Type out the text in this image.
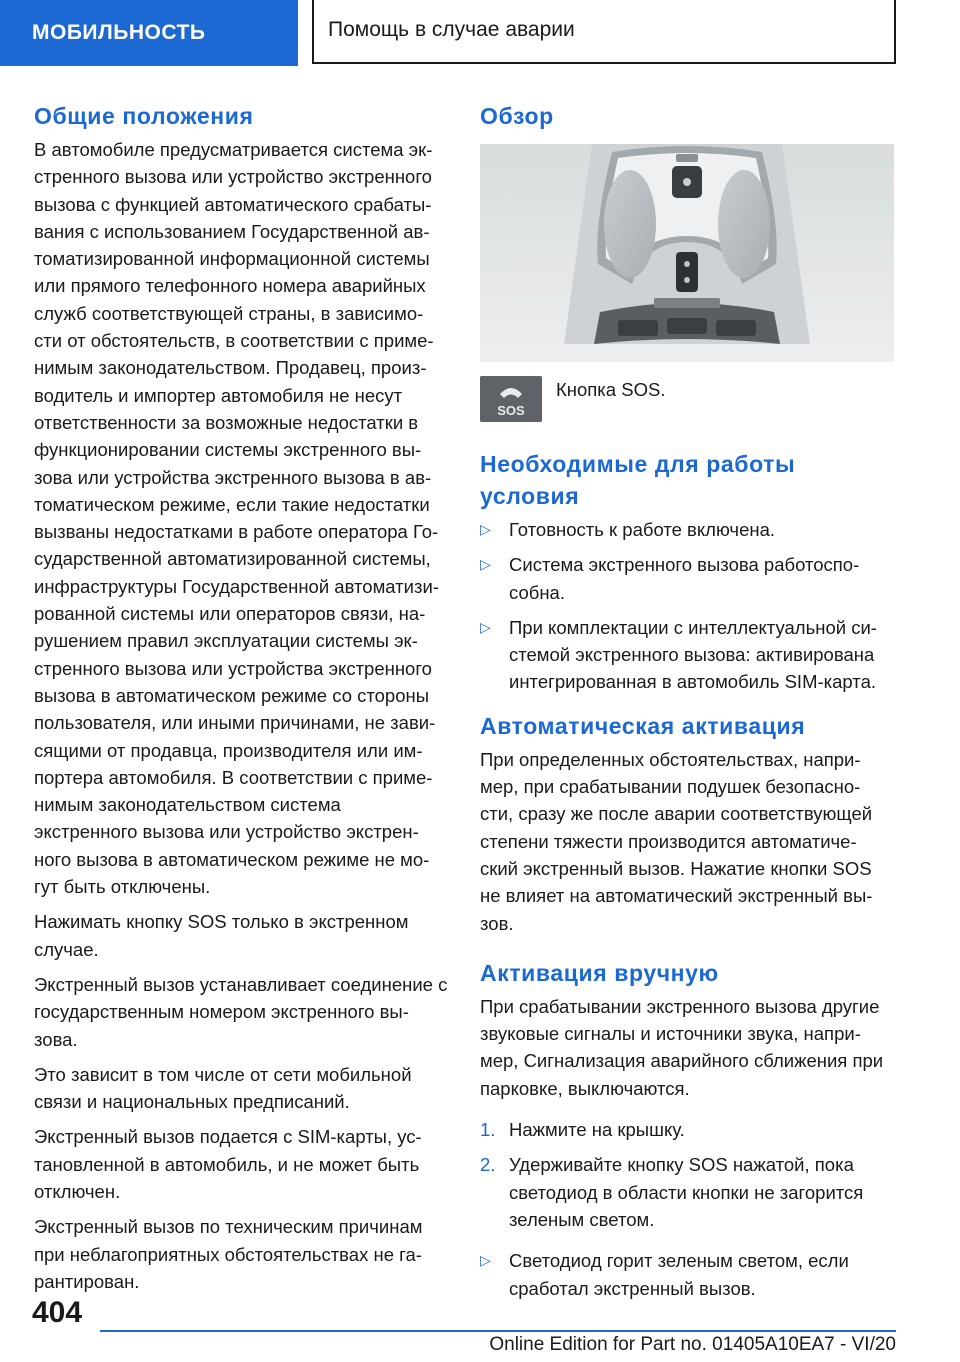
МОБИЛЬНОСТЬ	Помощь в случае аварии
Общие положения

В автомобиле предусматривается система эк- стренного вызова или устройство экстренного вызова с функцией автоматического срабаты- вания с использованием Государственной ав- томатизированной информационной системы или прямого телефонного номера аварийных служб соответствующей страны, в зависимо- сти от обстоятельств, в соответствии с приме- нимым законодательством. Продавец, произ- водитель и импортер автомобиля не несут ответственности за возможные недостатки в функционировании системы экстренного вы- зова или устройства экстренного вызова в ав- томатическом режиме, если такие недостатки вызваны недостатками в работе оператора Го- сударственной автоматизированной системы, инфраструктуры Государственной автоматизи- рованной системы или операторов связи, на- рушением правил эксплуатации системы эк- стренного вызова или устройства экстренного вызова в автоматическом режиме со стороны пользователя, или иными причинами, не зави- сящими от продавца, производителя или им- портера автомобиля. В соответствии с приме- нимым законодательством система экстренного вызова или устройство экстрен- ного вызова в автоматическом режиме не мо- гут быть отключены.

Нажимать кнопку SOS только в экстренном случае.

Экстренный вызов устанавливает соединение с государственным номером экстренного вы- зова.

Это зависит в том числе от сети мобильной связи и национальных предписаний.

Экстренный вызов подается с SIM-карты, ус- тановленной в автомобиль, и не может быть отключен.

Экстренный вызов по техническим причинам при неблагоприятных обстоятельствах не га- рантирован.

Обзор
SOS
Кнопка SOS.
Необходимые для работы условия
▷ Готовность к работе включена.
▷ Система экстренного вызова работоспо- собна.
▷ При комплектации с интеллектуальной си- стемой экстренного вызова: активирована интегрированная в автомобиль SIM-карта.
Автоматическая активация

При определенных обстоятельствах, напри- мер, при срабатывании подушек безопасно- сти, сразу же после аварии соответствующей степени тяжести производится автоматиче- ский экстренный вызов. Нажатие кнопки SOS не влияет на автоматический экстренный вы- зов.

Активация вручную

При срабатывании экстренного вызова другие звуковые сигналы и источники звука, напри- мер, Сигнализация аварийного сближения при парковке, выключаются.

1. Нажмите на крышку.
2. Удерживайте кнопку SOS нажатой, пока светодиод в области кнопки не загорится зеленым светом.
▷ Светодиод горит зеленым светом, если сработал экстренный вызов.
404
Online Edition for Part no. 01405A10EA7 - VI/20
